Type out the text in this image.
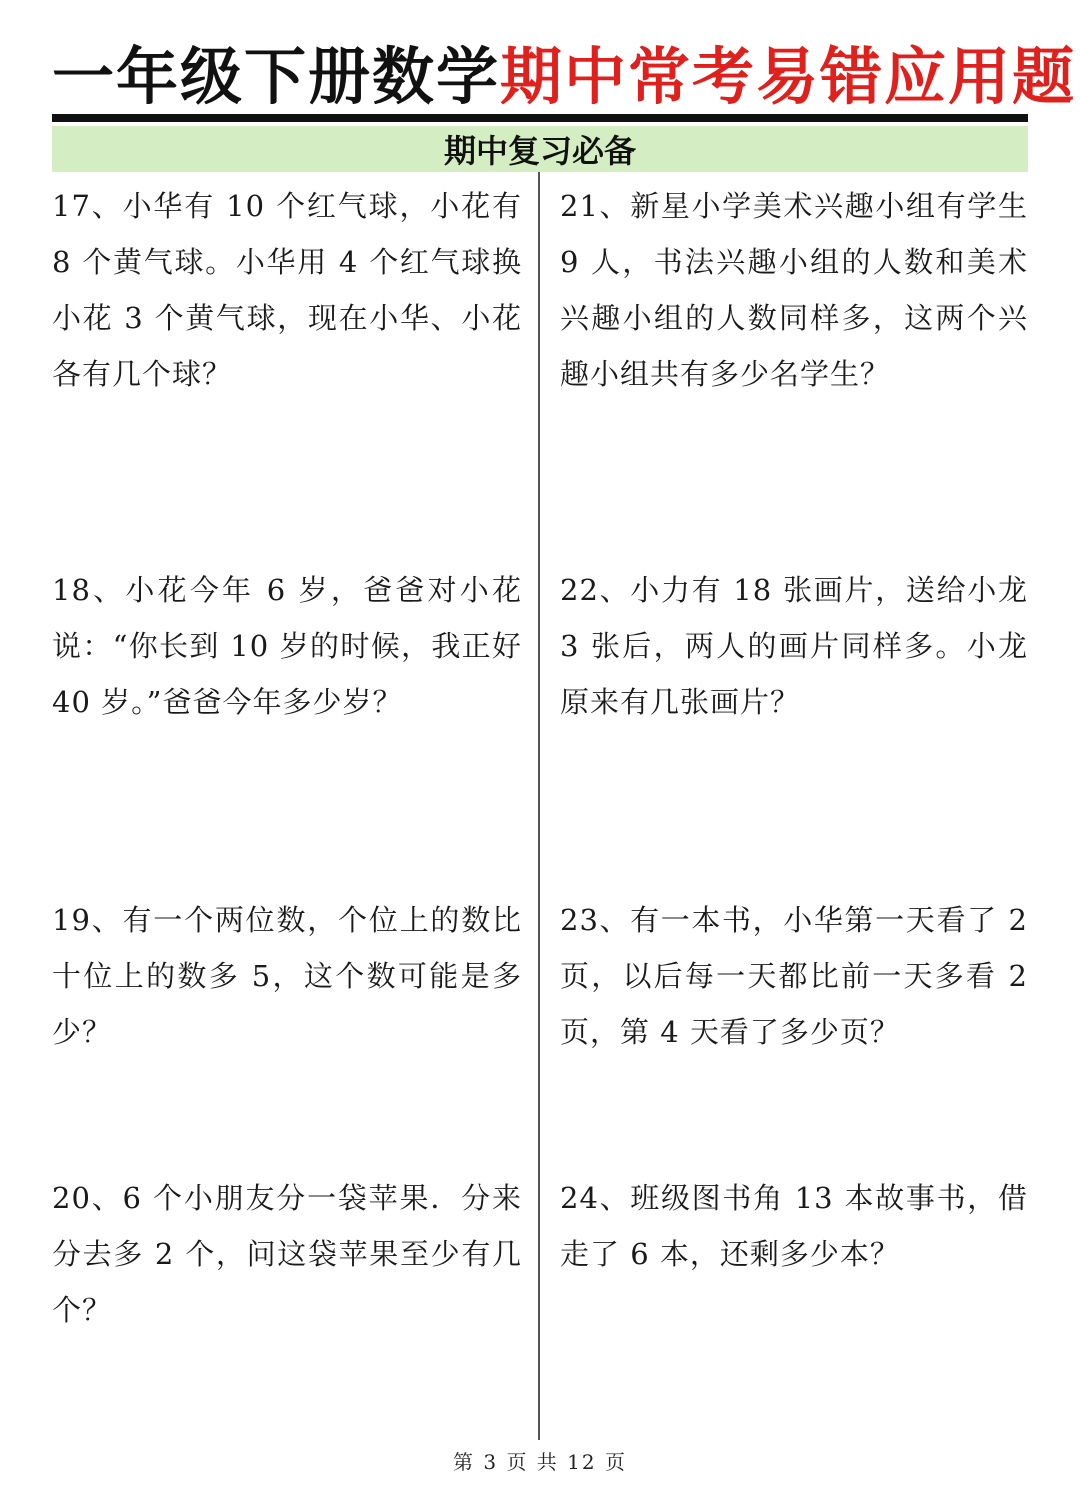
一年级下册数学期中常考易错应用题
期中复习必备
17、小华有 10 个红气球，小花有 8 个黄气球。小华用 4 个红气球换小花 3 个黄气球，现在小华、小花各有几个球？
18、小花今年 6 岁，爸爸对小花说：“你长到 10 岁的时候，我正好 40 岁。”爸爸今年多少岁？
19、有一个两位数，个位上的数比十位上的数多 5，这个数可能是多少？
20、6 个小朋友分一袋苹果．分来分去多 2 个，问这袋苹果至少有几个？
21、新星小学美术兴趣小组有学生 9 人，书法兴趣小组的人数和美术兴趣小组的人数同样多，这两个兴趣小组共有多少名学生？
22、小力有 18 张画片，送给小龙 3 张后，两人的画片同样多。小龙原来有几张画片？
23、有一本书，小华第一天看了 2 页，以后每一天都比前一天多看 2 页，第 4 天看了多少页？
24、班级图书角 13 本故事书，借走了 6 本，还剩多少本？
第 3 页 共 12 页
